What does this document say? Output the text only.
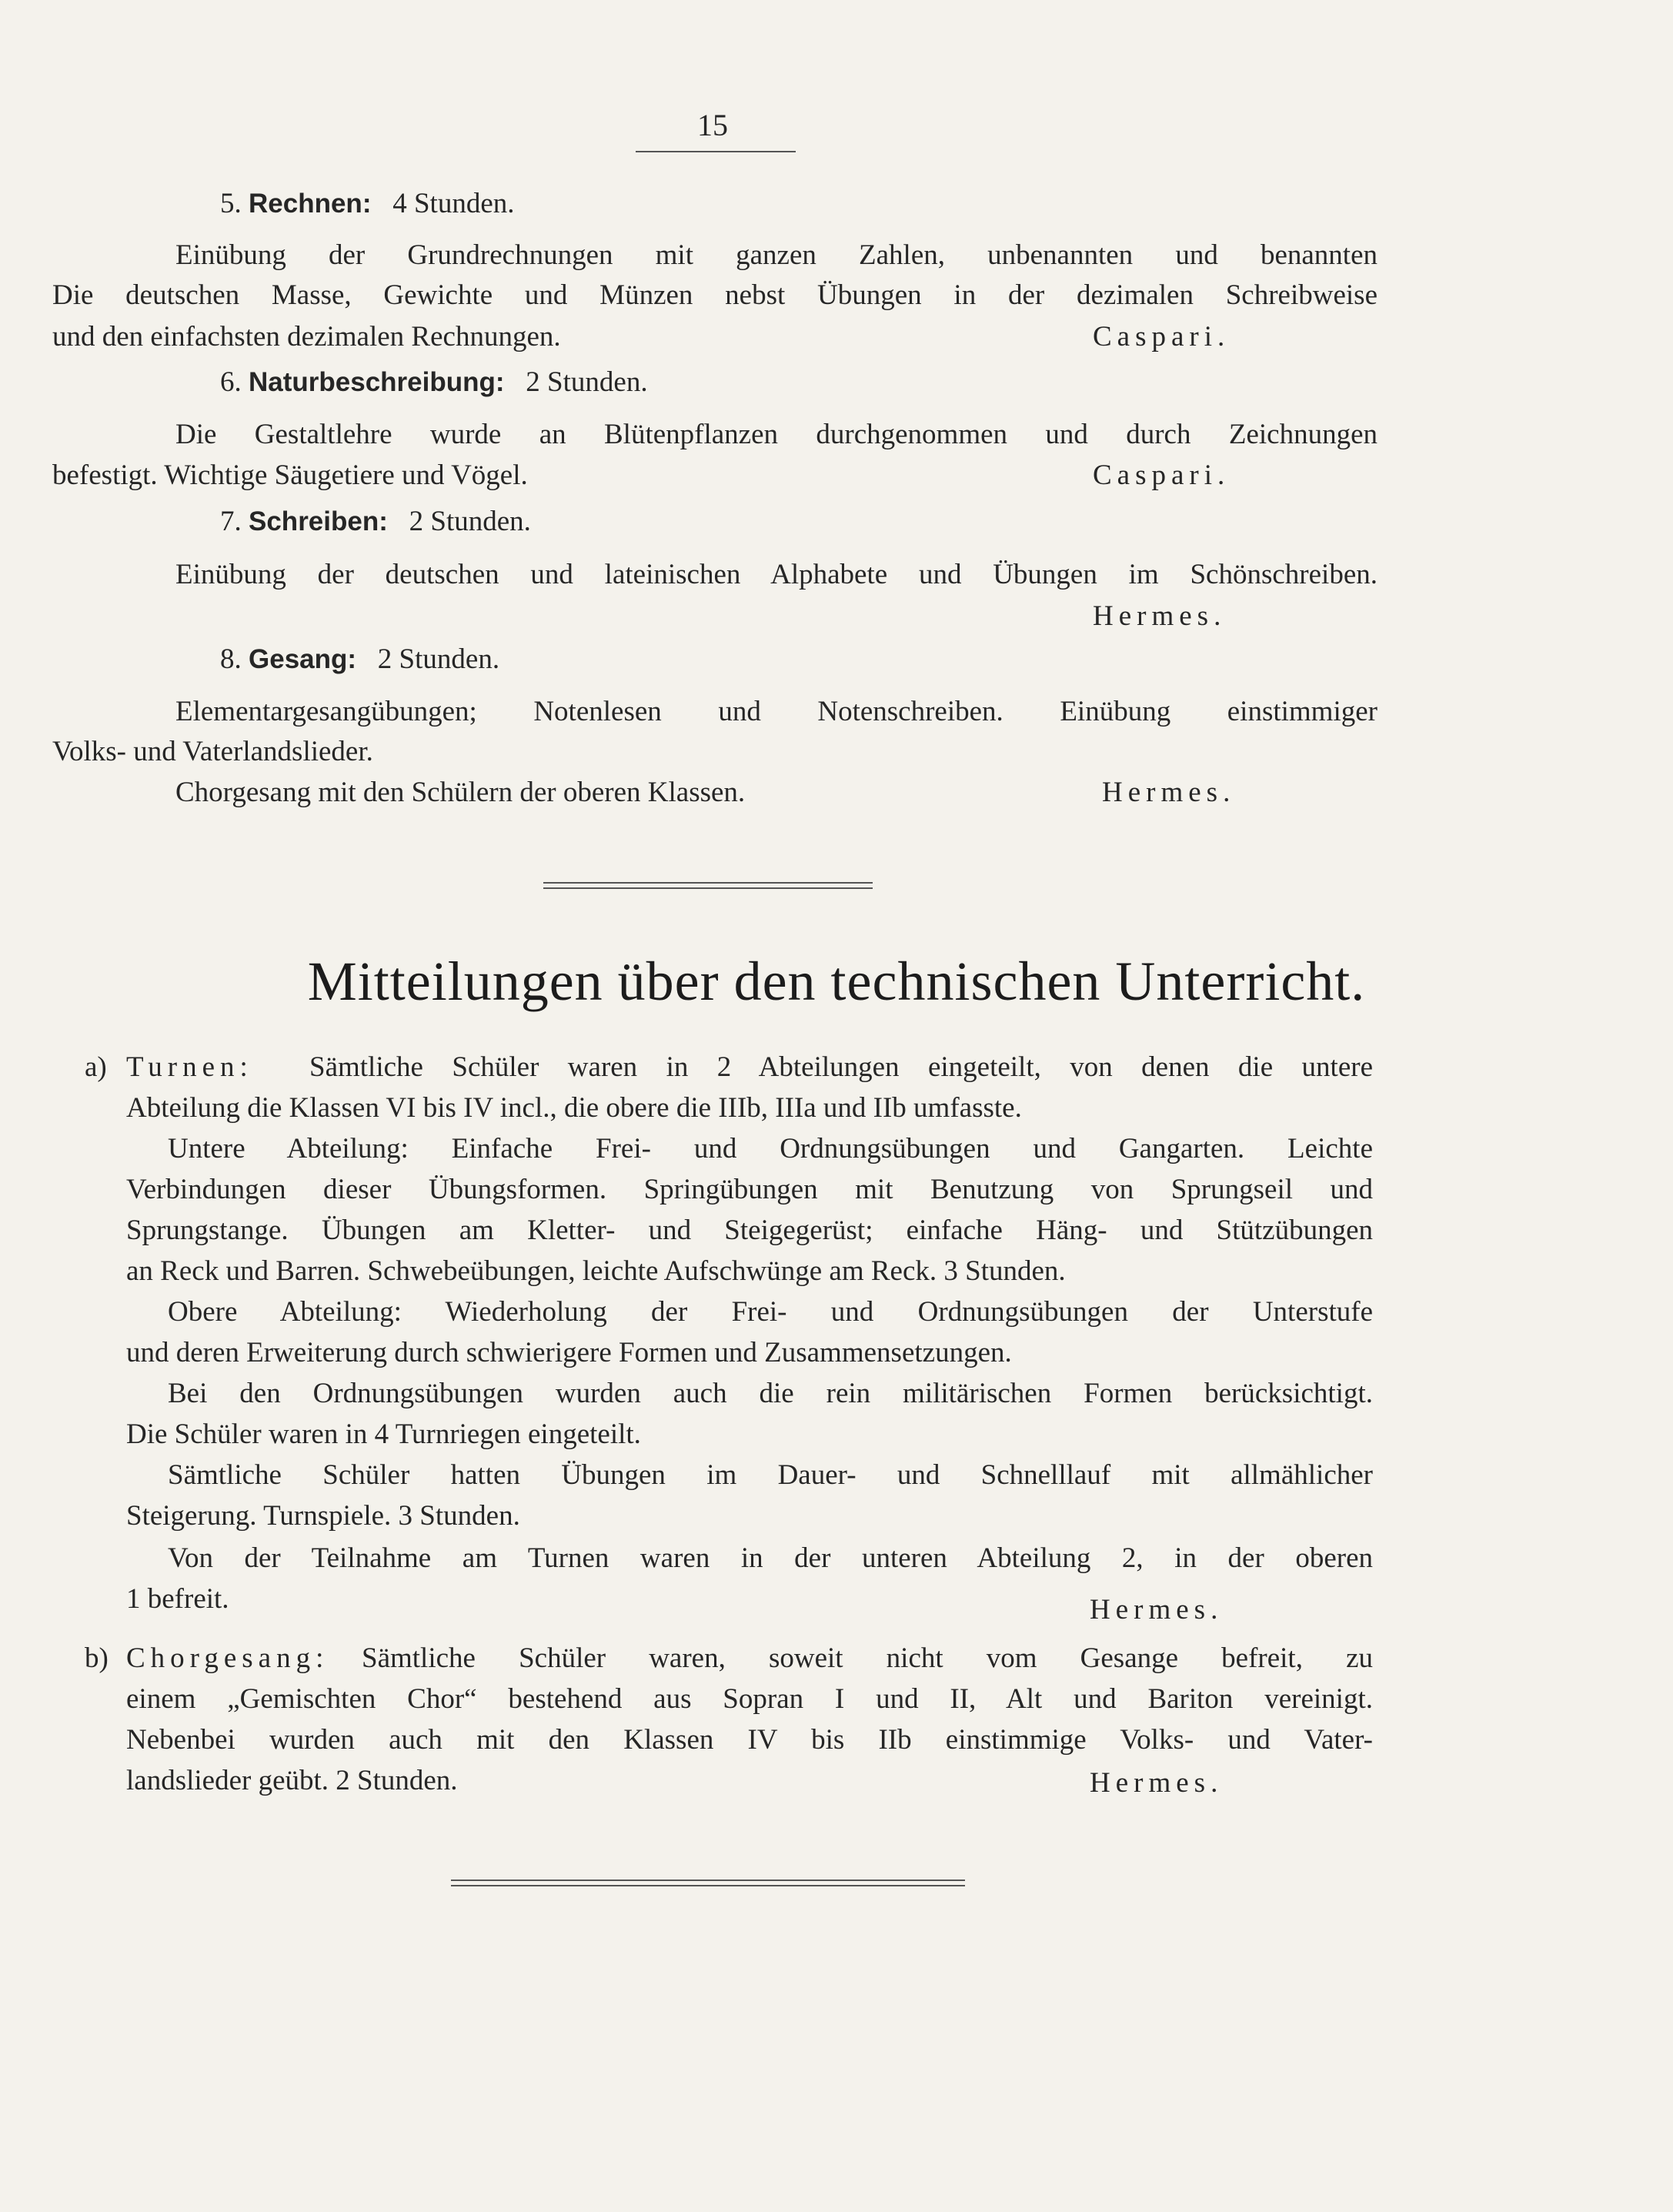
15
5. Rechnen: 4 Stunden.
Einübung der Grundrechnungen mit ganzen Zahlen, unbenannten und benannten
Die deutschen Masse, Gewichte und Münzen nebst Übungen in der dezimalen Schreibweise
und den einfachsten dezimalen Rechnungen.	Caspari.
6. Naturbeschreibung: 2 Stunden.
Die Gestaltlehre wurde an Blütenpflanzen durchgenommen und durch Zeichnungen
befestigt. Wichtige Säugetiere und Vögel.	Caspari.
7. Schreiben: 2 Stunden.
Einübung der deutschen und lateinischen Alphabete und Übungen im Schönschreiben.
Hermes.
8. Gesang: 2 Stunden.
Elementargesangübungen; Notenlesen und Notenschreiben. Einübung einstimmiger
Volks- und Vaterlandslieder.
Chorgesang mit den Schülern der oberen Klassen.	Hermes.
Mitteilungen über den technischen Unterricht.
a) Turnen: Sämtliche Schüler waren in 2 Abteilungen eingeteilt, von denen die untere
Abteilung die Klassen VI bis IV incl., die obere die IIIb, IIIa und IIb umfasste.
Untere Abteilung: Einfache Frei- und Ordnungsübungen und Gangarten. Leichte
Verbindungen dieser Übungsformen. Springübungen mit Benutzung von Sprungseil und
Sprungstange. Übungen am Kletter- und Steigegerüst; einfache Häng- und Stützübungen
an Reck und Barren. Schwebeübungen, leichte Aufschwünge am Reck. 3 Stunden.
Obere Abteilung: Wiederholung der Frei- und Ordnungsübungen der Unterstufe
und deren Erweiterung durch schwierigere Formen und Zusammensetzungen.
Bei den Ordnungsübungen wurden auch die rein militärischen Formen berücksichtigt.
Die Schüler waren in 4 Turnriegen eingeteilt.
Sämtliche Schüler hatten Übungen im Dauer- und Schnelllauf mit allmählicher
Steigerung. Turnspiele. 3 Stunden.
Von der Teilnahme am Turnen waren in der unteren Abteilung 2, in der oberen
1 befreit.	Hermes.
b) Chorgesang: Sämtliche Schüler waren, soweit nicht vom Gesange befreit, zu
einem „Gemischten Chor“ bestehend aus Sopran I und II, Alt und Bariton vereinigt.
Nebenbei wurden auch mit den Klassen IV bis IIb einstimmige Volks- und Vater-
landslieder geübt. 2 Stunden.	Hermes.
